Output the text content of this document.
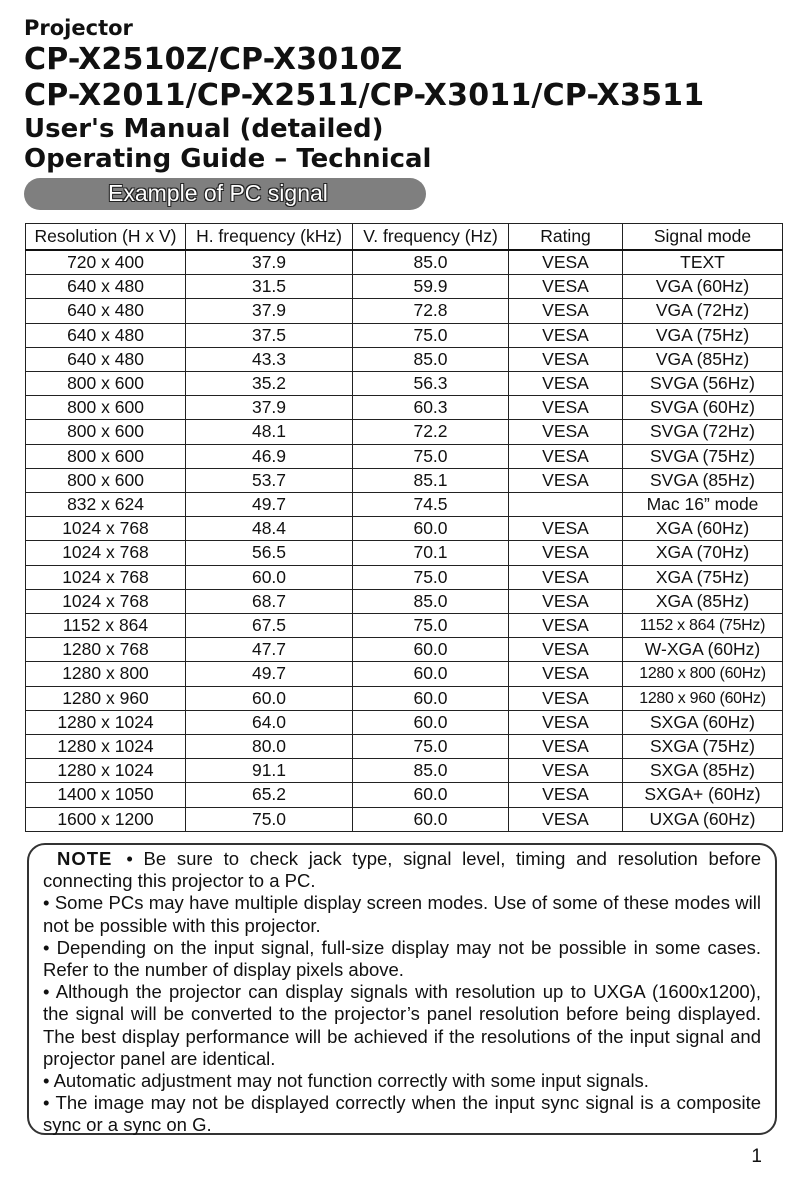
Projector
CP-X2510Z/CP-X3010Z
CP-X2011/CP-X2511/CP-X3011/CP-X3511
User's Manual (detailed)
Operating Guide – Technical
Example of PC signal
Resolution (H x V)	H. frequency (kHz)	V. frequency (Hz)	Rating	Signal mode
720 x 400	37.9	85.0	VESA	TEXT
640 x 480	31.5	59.9	VESA	VGA (60Hz)
640 x 480	37.9	72.8	VESA	VGA (72Hz)
640 x 480	37.5	75.0	VESA	VGA (75Hz)
640 x 480	43.3	85.0	VESA	VGA (85Hz)
800 x 600	35.2	56.3	VESA	SVGA (56Hz)
800 x 600	37.9	60.3	VESA	SVGA (60Hz)
800 x 600	48.1	72.2	VESA	SVGA (72Hz)
800 x 600	46.9	75.0	VESA	SVGA (75Hz)
800 x 600	53.7	85.1	VESA	SVGA (85Hz)
832 x 624	49.7	74.5		Mac 16” mode
1024 x 768	48.4	60.0	VESA	XGA (60Hz)
1024 x 768	56.5	70.1	VESA	XGA (70Hz)
1024 x 768	60.0	75.0	VESA	XGA (75Hz)
1024 x 768	68.7	85.0	VESA	XGA (85Hz)
1152 x 864	67.5	75.0	VESA	1152 x 864 (75Hz)
1280 x 768	47.7	60.0	VESA	W-XGA (60Hz)
1280 x 800	49.7	60.0	VESA	1280 x 800 (60Hz)
1280 x 960	60.0	60.0	VESA	1280 x 960 (60Hz)
1280 x 1024	64.0	60.0	VESA	SXGA (60Hz)
1280 x 1024	80.0	75.0	VESA	SXGA (75Hz)
1280 x 1024	91.1	85.0	VESA	SXGA (85Hz)
1400 x 1050	65.2	60.0	VESA	SXGA+ (60Hz)
1600 x 1200	75.0	60.0	VESA	UXGA (60Hz)

NOTE • Be sure to check jack type, signal level, timing and resolution before connecting this projector to a PC.

• Some PCs may have multiple display screen modes. Use of some of these modes will not be possible with this projector.

• Depending on the input signal, full-size display may not be possible in some cases. Refer to the number of display pixels above.

• Although the projector can display signals with resolution up to UXGA (1600x1200), the signal will be converted to the projector’s panel resolution before being displayed. The best display performance will be achieved if the resolutions of the input signal and projector panel are identical.

• Automatic adjustment may not function correctly with some input signals.

• The image may not be displayed correctly when the input sync signal is a composite sync or a sync on G.

1
